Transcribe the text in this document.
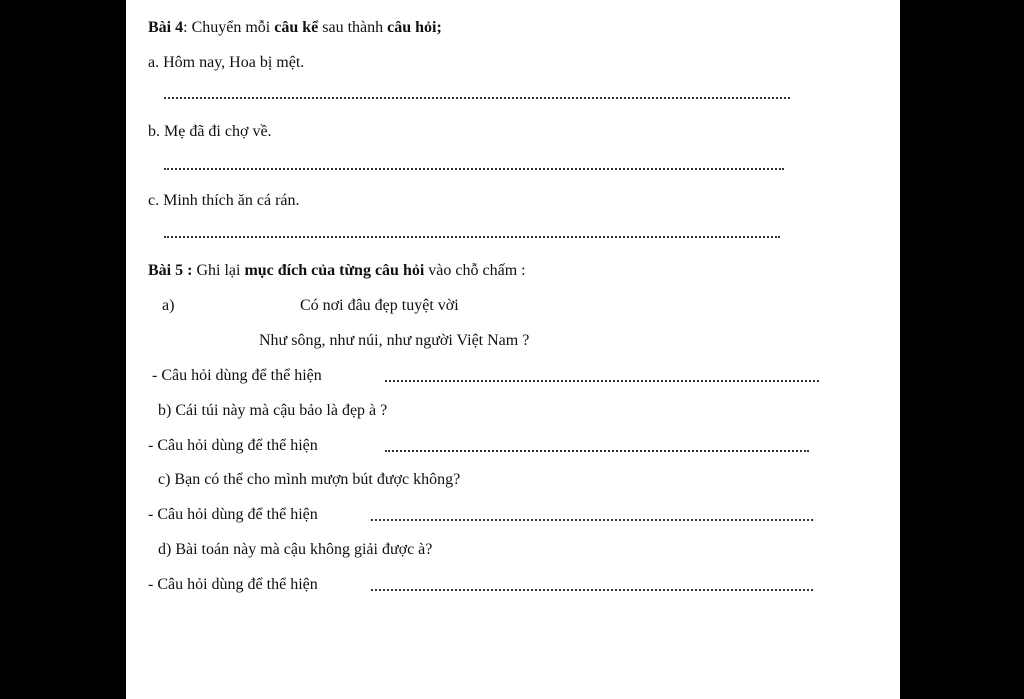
Bài 4: Chuyển mỗi câu kể sau thành câu hỏi;
a. Hôm nay, Hoa bị mệt.
b. Mẹ đã đi chợ về.
c. Minh thích ăn cá rán.
Bài 5 : Ghi lại mục đích của từng câu hỏi vào chỗ chấm :
a)	Có nơi đâu đẹp tuyệt vời
Như sông, như núi, như người Việt Nam ?
- Câu hỏi dùng để thể hiện
b) Cái túi này mà cậu bảo là đẹp à ?
- Câu hỏi dùng để thể hiện
c) Bạn có thể cho mình mượn bút được không?
- Câu hỏi dùng để thể hiện
d) Bài toán này mà cậu không giải được à?
- Câu hỏi dùng để thể hiện
